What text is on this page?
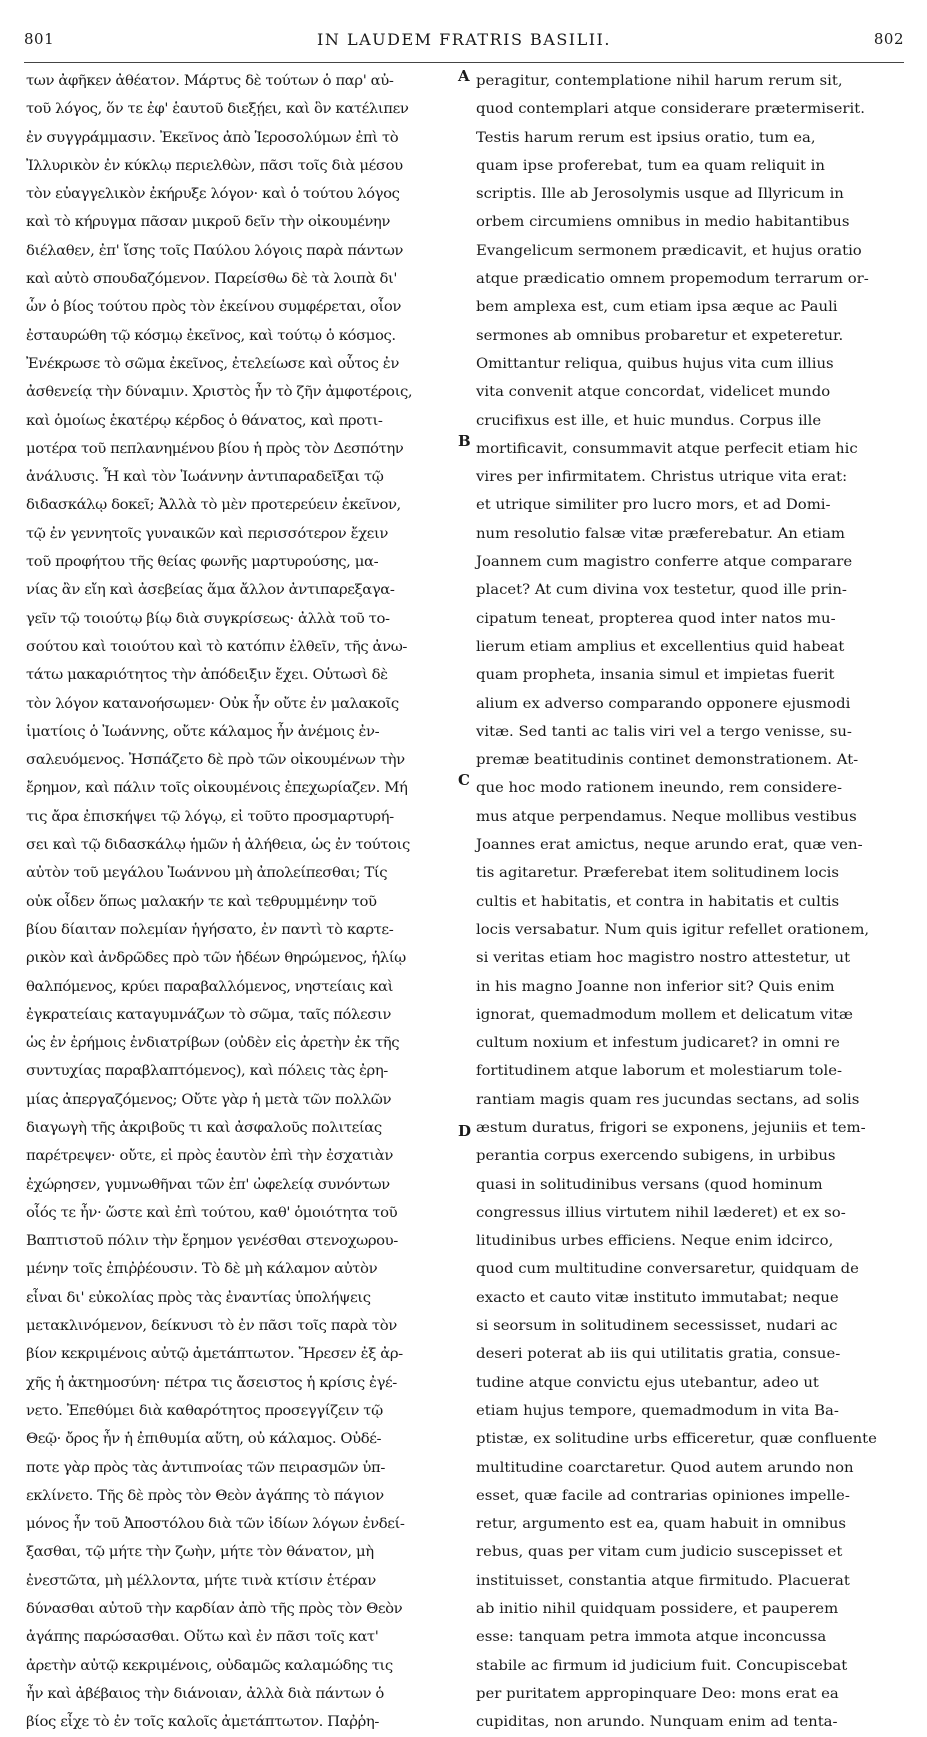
801	IN LAUDEM FRATRIS BASILII.	802
των ἀφῆκεν ἀθέατον. Μάρτυς δὲ τούτων ὁ παρ' αὐ-
τοῦ λόγος, ὅν τε ἐφ' ἑαυτοῦ διεξῄει, καὶ ὃν κατέλιπεν
ἐν συγγράμμασιν. Ἐκεῖνος ἀπὸ Ἱεροσολύμων ἐπὶ τὸ
Ἰλλυρικὸν ἐν κύκλῳ περιελθὼν, πᾶσι τοῖς διὰ μέσου
τὸν εὐαγγελικὸν ἐκήρυξε λόγον· καὶ ὁ τούτου λόγος
καὶ τὸ κήρυγμα πᾶσαν μικροῦ δεῖν τὴν οἰκουμένην
διέλαθεν, ἐπ' ἴσης τοῖς Παύλου λόγοις παρὰ πάντων
καὶ αὐτὸ σπουδαζόμενον. Παρείσθω δὲ τὰ λοιπὰ δι'
ὧν ὁ βίος τούτου πρὸς τὸν ἐκείνου συμφέρεται, οἷον
ἐσταυρώθη τῷ κόσμῳ ἐκεῖνος, καὶ τούτῳ ὁ κόσμος.
Ἐνέκρωσε τὸ σῶμα ἐκεῖνος, ἐτελείωσε καὶ οὗτος ἐν
ἀσθενείᾳ τὴν δύναμιν. Χριστὸς ἦν τὸ ζῆν ἀμφοτέροις,
καὶ ὁμοίως ἑκατέρῳ κέρδος ὁ θάνατος, καὶ προτι-
μοτέρα τοῦ πεπλανημένου βίου ἡ πρὸς τὸν Δεσπότην
ἀνάλυσις. Ἦ καὶ τὸν Ἰωάννην ἀντιπαραδεῖξαι τῷ
διδασκάλῳ δοκεῖ; Ἀλλὰ τὸ μὲν προτερεύειν ἐκεῖνον,
τῷ ἐν γεννητοῖς γυναικῶν καὶ περισσότερον ἔχειν
τοῦ προφήτου τῆς θείας φωνῆς μαρτυρούσης, μα-
νίας ἂν εἴη καὶ ἀσεβείας ἅμα ἄλλον ἀντιπαρεξαγα-
γεῖν τῷ τοιούτῳ βίῳ διὰ συγκρίσεως· ἀλλὰ τοῦ το-
σούτου καὶ τοιούτου καὶ τὸ κατόπιν ἐλθεῖν, τῆς ἀνω-
τάτω μακαριότητος τὴν ἀπόδειξιν ἔχει. Οὑτωσὶ δὲ
τὸν λόγον κατανοήσωμεν· Οὐκ ἦν οὔτε ἐν μαλακοῖς
ἱματίοις ὁ Ἰωάννης, οὔτε κάλαμος ἦν ἀνέμοις ἐν-
σαλευόμενος. Ἠσπάζετο δὲ πρὸ τῶν οἰκουμένων τὴν
ἔρημον, καὶ πάλιν τοῖς οἰκουμένοις ἐπεχωρίαζεν. Μή
τις ἄρα ἐπισκήψει τῷ λόγῳ, εἰ τοῦτο προσμαρτυρή-
σει καὶ τῷ διδασκάλῳ ἡμῶν ἡ ἀλήθεια, ὡς ἐν τούτοις
αὐτὸν τοῦ μεγάλου Ἰωάννου μὴ ἀπολείπεσθαι; Τίς
οὐκ οἶδεν ὅπως μαλακήν τε καὶ τεθρυμμένην τοῦ
βίου δίαιταν πολεμίαν ἡγήσατο, ἐν παντὶ τὸ καρτε-
ρικὸν καὶ ἀνδρῶδες πρὸ τῶν ἡδέων θηρώμενος, ἡλίῳ
θαλπόμενος, κρύει παραβαλλόμενος, νηστείαις καὶ
ἐγκρατείαις καταγυμνάζων τὸ σῶμα, ταῖς πόλεσιν
ὡς ἐν ἐρήμοις ἐνδιατρίβων (οὐδὲν εἰς ἀρετὴν ἐκ τῆς
συντυχίας παραβλαπτόμενος), καὶ πόλεις τὰς ἐρη-
μίας ἀπεργαζόμενος; Οὔτε γὰρ ἡ μετὰ τῶν πολλῶν
διαγωγὴ τῆς ἀκριβοῦς τι καὶ ἀσφαλοῦς πολιτείας
παρέτρεψεν· οὔτε, εἰ πρὸς ἑαυτὸν ἐπὶ τὴν ἐσχατιὰν
ἐχώρησεν, γυμνωθῆναι τῶν ἐπ' ὠφελείᾳ συνόντων
οἷός τε ἦν· ὥστε καὶ ἐπὶ τούτου, καθ' ὁμοιότητα τοῦ
Βαπτιστοῦ πόλιν τὴν ἔρημον γενέσθαι στενοχωρου-
μένην τοῖς ἐπιῤῥέουσιν. Τὸ δὲ μὴ κάλαμον αὐτὸν
εἶναι δι' εὐκολίας πρὸς τὰς ἐναντίας ὑπολήψεις
μετακλινόμενον, δείκνυσι τὸ ἐν πᾶσι τοῖς παρὰ τὸν
βίον κεκριμένοις αὐτῷ ἀμετάπτωτον. Ἤρεσεν ἐξ ἀρ-
χῆς ἡ ἀκτημοσύνη· πέτρα τις ἄσειστος ἡ κρίσις ἐγέ-
νετο. Ἐπεθύμει διὰ καθαρότητος προσεγγίζειν τῷ
Θεῷ· ὄρος ἦν ἡ ἐπιθυμία αὕτη, οὐ κάλαμος. Οὐδέ-
ποτε γὰρ πρὸς τὰς ἀντιπνοίας τῶν πειρασμῶν ὑπ-
εκλίνετο. Τῆς δὲ πρὸς τὸν Θεὸν ἀγάπης τὸ πάγιον
μόνος ἦν τοῦ Ἀποστόλου διὰ τῶν ἰδίων λόγων ἐνδεί-
ξασθαι, τῷ μήτε τὴν ζωὴν, μήτε τὸν θάνατον, μὴ
ἐνεστῶτα, μὴ μέλλοντα, μήτε τινὰ κτίσιν ἑτέραν
δύνασθαι αὐτοῦ τὴν καρδίαν ἀπὸ τῆς πρὸς τὸν Θεὸν
ἀγάπης παρώσασθαι. Οὕτω καὶ ἐν πᾶσι τοῖς κατ'
ἀρετὴν αὐτῷ κεκριμένοις, οὐδαμῶς καλαμώδης τις
ἦν καὶ ἀβέβαιος τὴν διάνοιαν, ἀλλὰ διὰ πάντων ὁ
βίος εἶχε τὸ ἐν τοῖς καλοῖς ἀμετάπτωτον. Παῤῥη-
A
B
C
D
peragitur, contemplatione nihil harum rerum sit,
quod contemplari atque considerare prætermiserit.
Testis harum rerum est ipsius oratio, tum ea,
quam ipse proferebat, tum ea quam reliquit in
scriptis. Ille ab Jerosolymis usque ad Illyricum in
orbem circumiens omnibus in medio habitantibus
Evangelicum sermonem prædicavit, et hujus oratio
atque prædicatio omnem propemodum terrarum or-
bem amplexa est, cum etiam ipsa æque ac Pauli
sermones ab omnibus probaretur et expeteretur.
Omittantur reliqua, quibus hujus vita cum illius
vita convenit atque concordat, videlicet mundo
crucifixus est ille, et huic mundus. Corpus ille
mortificavit, consummavit atque perfecit etiam hic
vires per infirmitatem. Christus utrique vita erat:
et utrique similiter pro lucro mors, et ad Domi-
num resolutio falsæ vitæ præferebatur. An etiam
Joannem cum magistro conferre atque comparare
placet? At cum divina vox testetur, quod ille prin-
cipatum teneat, propterea quod inter natos mu-
lierum etiam amplius et excellentius quid habeat
quam propheta, insania simul et impietas fuerit
alium ex adverso comparando opponere ejusmodi
vitæ. Sed tanti ac talis viri vel a tergo venisse, su-
premæ beatitudinis continet demonstrationem. At-
que hoc modo rationem ineundo, rem considere-
mus atque perpendamus. Neque mollibus vestibus
Joannes erat amictus, neque arundo erat, quæ ven-
tis agitaretur. Præferebat item solitudinem locis
cultis et habitatis, et contra in habitatis et cultis
locis versabatur. Num quis igitur refellet orationem,
si veritas etiam hoc magistro nostro attestetur, ut
in his magno Joanne non inferior sit? Quis enim
ignorat, quemadmodum mollem et delicatum vitæ
cultum noxium et infestum judicaret? in omni re
fortitudinem atque laborum et molestiarum tole-
rantiam magis quam res jucundas sectans, ad solis
æstum duratus, frigori se exponens, jejuniis et tem-
perantia corpus exercendo subigens, in urbibus
quasi in solitudinibus versans (quod hominum
congressus illius virtutem nihil læderet) et ex so-
litudinibus urbes efficiens. Neque enim idcirco,
quod cum multitudine conversaretur, quidquam de
exacto et cauto vitæ instituto immutabat; neque
si seorsum in solitudinem secessisset, nudari ac
deseri poterat ab iis qui utilitatis gratia, consue-
tudine atque convictu ejus utebantur, adeo ut
etiam hujus tempore, quemadmodum in vita Ba-
ptistæ, ex solitudine urbs efficeretur, quæ confluente
multitudine coarctaretur. Quod autem arundo non
esset, quæ facile ad contrarias opiniones impelle-
retur, argumento est ea, quam habuit in omnibus
rebus, quas per vitam cum judicio suscepisset et
instituisset, constantia atque firmitudo. Placuerat
ab initio nihil quidquam possidere, et pauperem
esse: tanquam petra immota atque inconcussa
stabile ac firmum id judicium fuit. Concupiscebat
per puritatem appropinquare Deo: mons erat ea
cupiditas, non arundo. Nunquam enim ad tenta-
